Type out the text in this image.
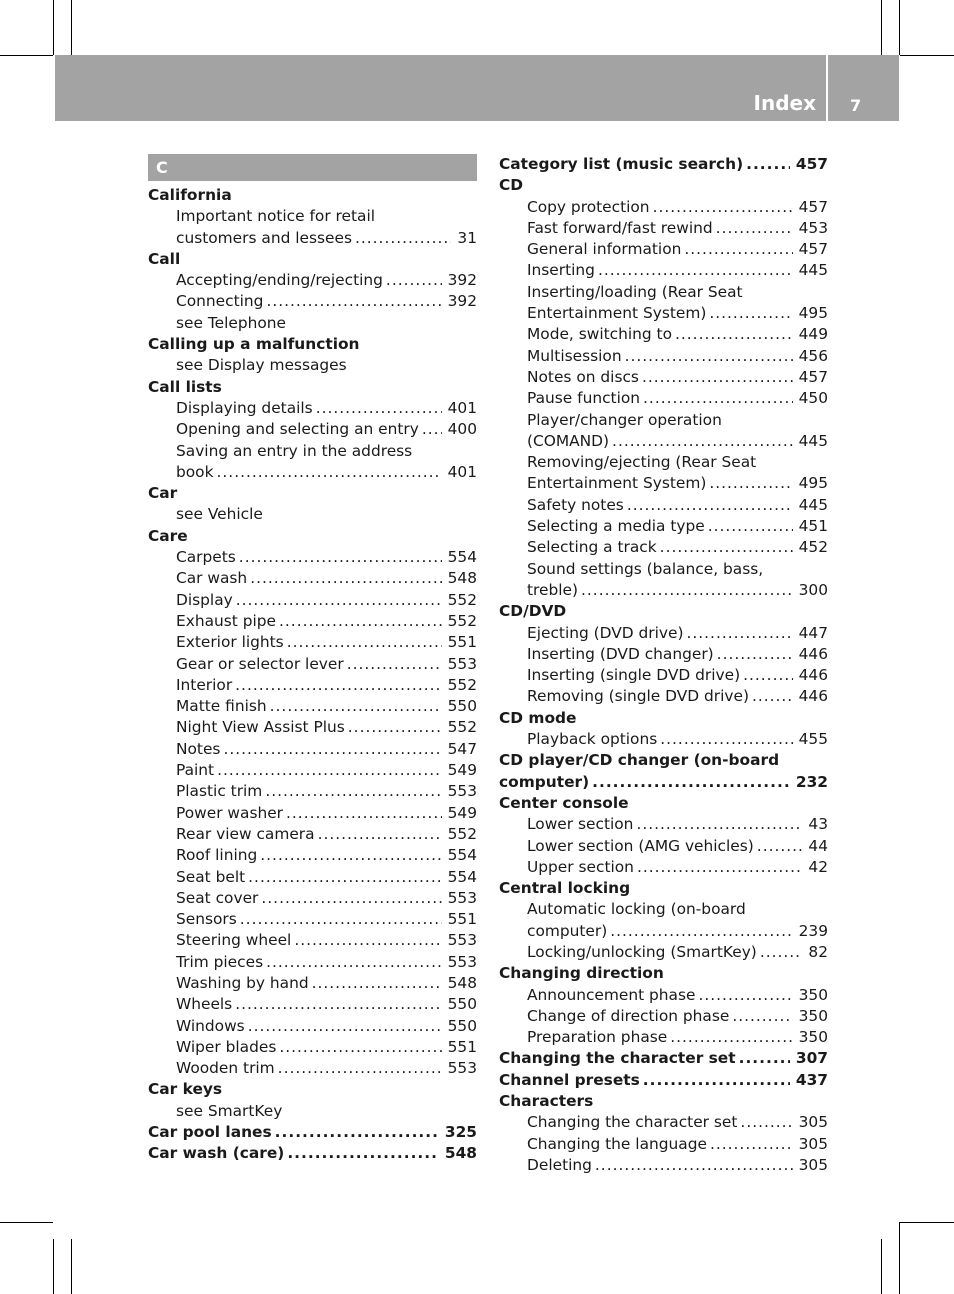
Index 7
C
California
Important notice for retail
customers and lessees .....	31
Call
Accepting/ending/rejecting .....	392
Connecting .....	392
see Telephone
Calling up a malfunction
see Display messages
Call lists
Displaying details .....	401
Opening and selecting an entry ..... 400
Saving an entry in the address
book .....	401
Car
see Vehicle
Care
Carpets .....	554
Car wash .....	548
Display .....	552
Exhaust pipe .....	552
Exterior lights .....	551
Gear or selector lever .....	553
Interior .....	552
Matte finish .....	550
Night View Assist Plus .....	552
Notes .....	547
Paint .....	549
Plastic trim .....	553
Power washer .....	549
Rear view camera .....	552
Roof lining .....	554
Seat belt .....	554
Seat cover .....	553
Sensors .....	551
Steering wheel .....	553
Trim pieces .....	553
Washing by hand .....	548
Wheels .....	550
Windows .....	550
Wiper blades .....	551
Wooden trim .....	553
Car keys
see SmartKey
Car pool lanes .....	325
Car wash (care) .....	548
Category list (music search) .....	457
CD
Copy protection .....	457
Fast forward/fast rewind .....	453
General information .....	457
Inserting .....	445
Inserting/loading (Rear Seat
Entertainment System) .....	495
Mode, switching to .....	449
Multisession .....	456
Notes on discs .....	457
Pause function .....	450
Player/changer operation
(COMAND) .....	445
Removing/ejecting (Rear Seat
Entertainment System) .....	495
Safety notes .....	445
Selecting a media type .....	451
Selecting a track .....	452
Sound settings (balance, bass,
treble) .....	300
CD/DVD
Ejecting (DVD drive) .....	447
Inserting (DVD changer) .....	446
Inserting (single DVD drive) .....	446
Removing (single DVD drive) .....	446
CD mode
Playback options .....	455
CD player/CD changer (on-board
computer) .....	232
Center console
Lower section .....	43
Lower section (AMG vehicles) .....	44
Upper section .....	42
Central locking
Automatic locking (on-board
computer) .....	239
Locking/unlocking (SmartKey) .....	82
Changing direction
Announcement phase .....	350
Change of direction phase .....	350
Preparation phase .....	350
Changing the character set .....	307
Channel presets .....	437
Characters
Changing the character set .....	305
Changing the language .....	305
Deleting .....	305
